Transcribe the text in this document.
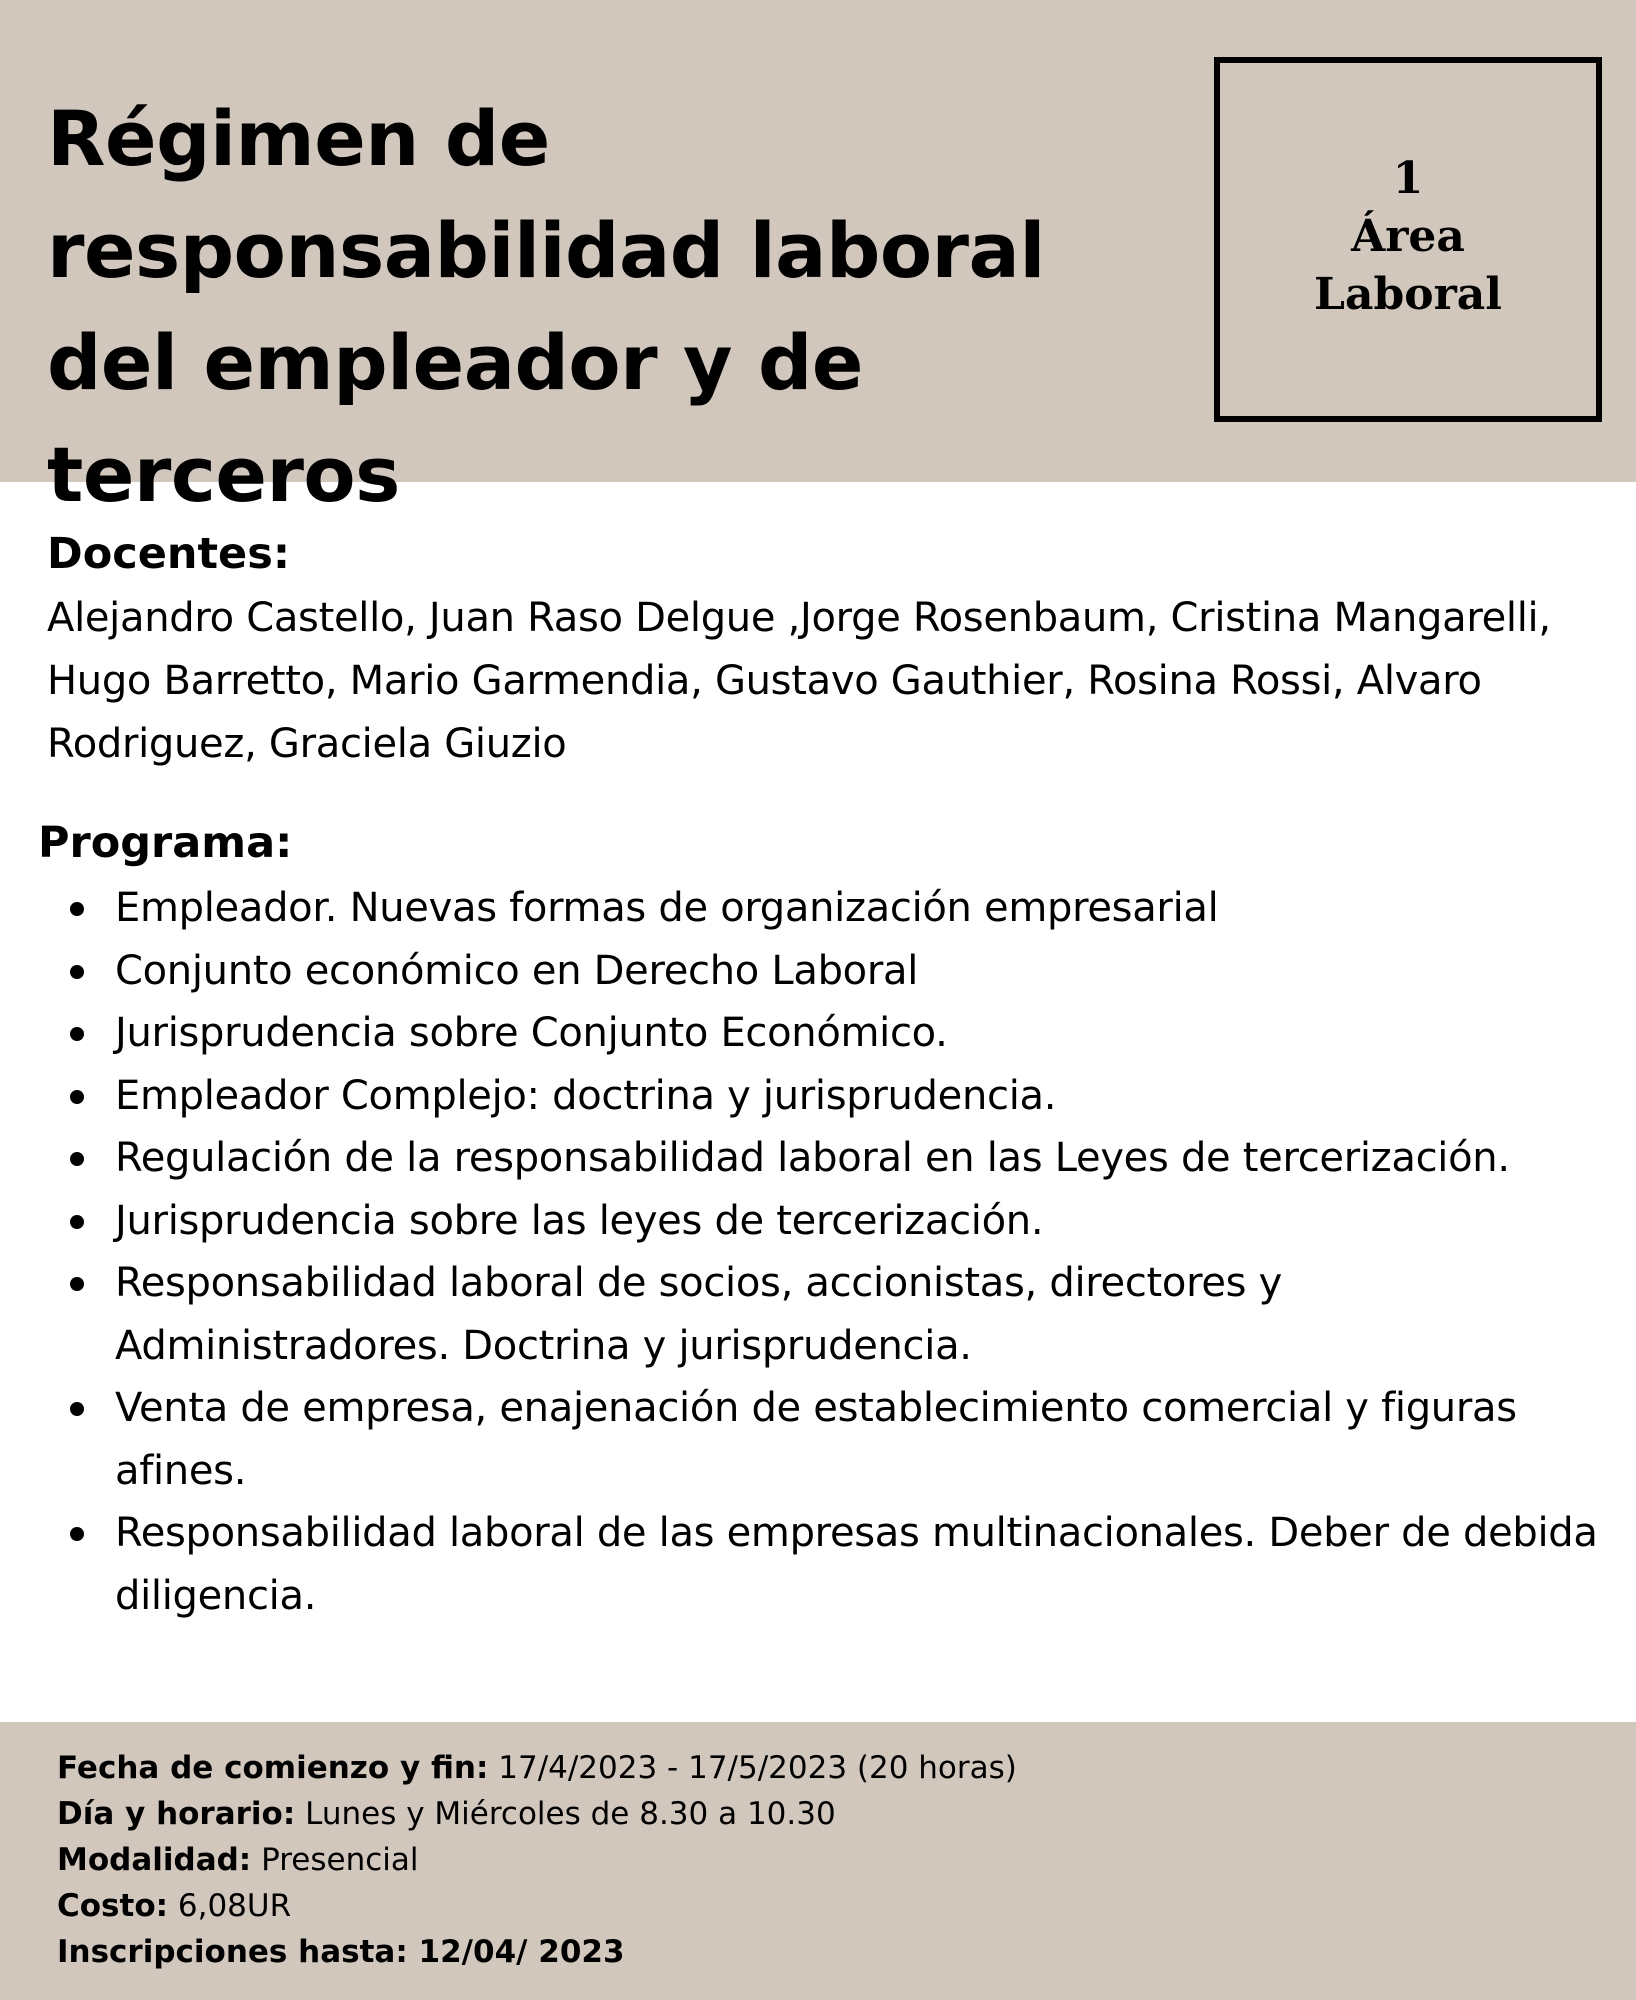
Régimen de responsabilidad laboral del empleador y de terceros
1
Área
Laboral
Docentes:

Alejandro Castello, Juan Raso Delgue ,Jorge Rosenbaum, Cristina Mangarelli, Hugo Barretto, Mario Garmendia, Gustavo Gauthier, Rosina Rossi, Alvaro Rodriguez, Graciela Giuzio

Programa:
Empleador. Nuevas formas de organización empresarial
Conjunto económico en Derecho Laboral
Jurisprudencia sobre Conjunto Económico.
Empleador Complejo: doctrina y jurisprudencia.
Regulación de la responsabilidad laboral en las Leyes de tercerización.
Jurisprudencia sobre las leyes de tercerización.
Responsabilidad laboral de socios, accionistas, directores y Administradores. Doctrina y jurisprudencia.
Venta de empresa, enajenación de establecimiento comercial y figuras afines.
Responsabilidad laboral de las empresas multinacionales. Deber de debida diligencia.
Fecha de comienzo y fin: 17/4/2023 - 17/5/2023 (20 horas)
Día y horario: Lunes y Miércoles de 8.30 a 10.30
Modalidad: Presencial
Costo: 6,08UR
Inscripciones hasta: 12/04/ 2023
